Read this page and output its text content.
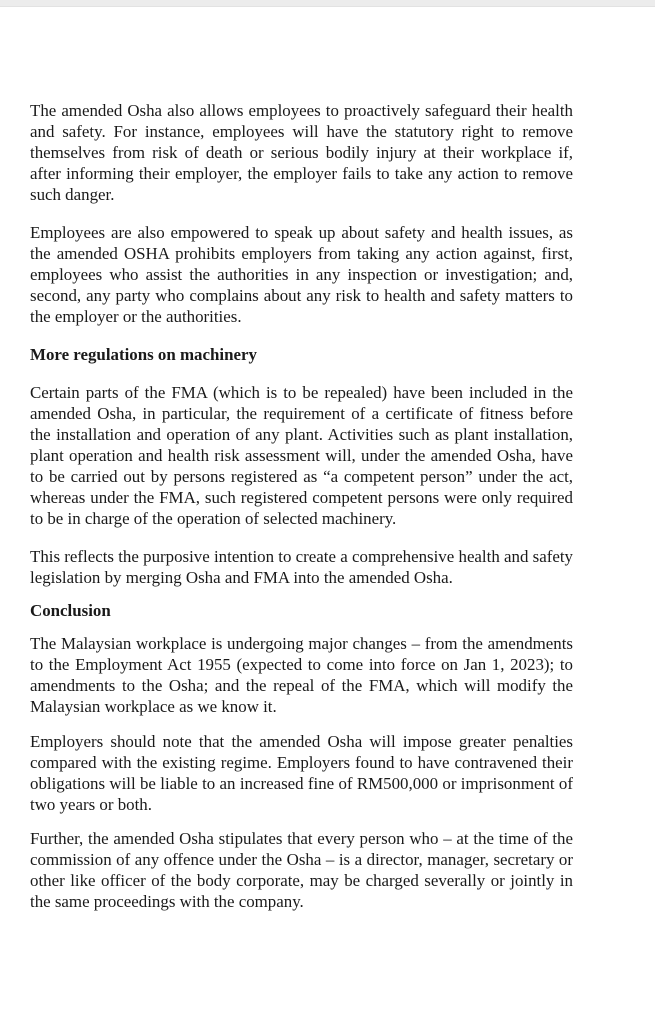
The amended Osha also allows employees to proactively safeguard their health and safety. For instance, employees will have the statutory right to remove themselves from risk of death or serious bodily injury at their workplace if, after informing their employer, the employer fails to take any action to remove such danger.

Employees are also empowered to speak up about safety and health issues, as the amended OSHA prohibits employers from taking any action against, first, employees who assist the authorities in any inspection or investigation; and, second, any party who complains about any risk to health and safety matters to the employer or the authorities.

More regulations on machinery

Certain parts of the FMA (which is to be repealed) have been included in the amended Osha, in particular, the requirement of a certificate of fitness before the installation and operation of any plant. Activities such as plant installation, plant operation and health risk assessment will, under the amended Osha, have to be carried out by persons registered as “a competent person” under the act, whereas under the FMA, such registered competent persons were only required to be in charge of the operation of selected machinery.

This reflects the purposive intention to create a comprehensive health and safety legislation by merging Osha and FMA into the amended Osha.

Conclusion

The Malaysian workplace is undergoing major changes – from the amendments to the Employment Act 1955 (expected to come into force on Jan 1, 2023); to amendments to the Osha; and the repeal of the FMA, which will modify the Malaysian workplace as we know it.

Employers should note that the amended Osha will impose greater penalties compared with the existing regime. Employers found to have contravened their obligations will be liable to an increased fine of RM500,000 or imprisonment of two years or both.

Further, the amended Osha stipulates that every person who – at the time of the commission of any offence under the Osha – is a director, manager, secretary or other like officer of the body corporate, may be charged severally or jointly in the same proceedings with the company.
